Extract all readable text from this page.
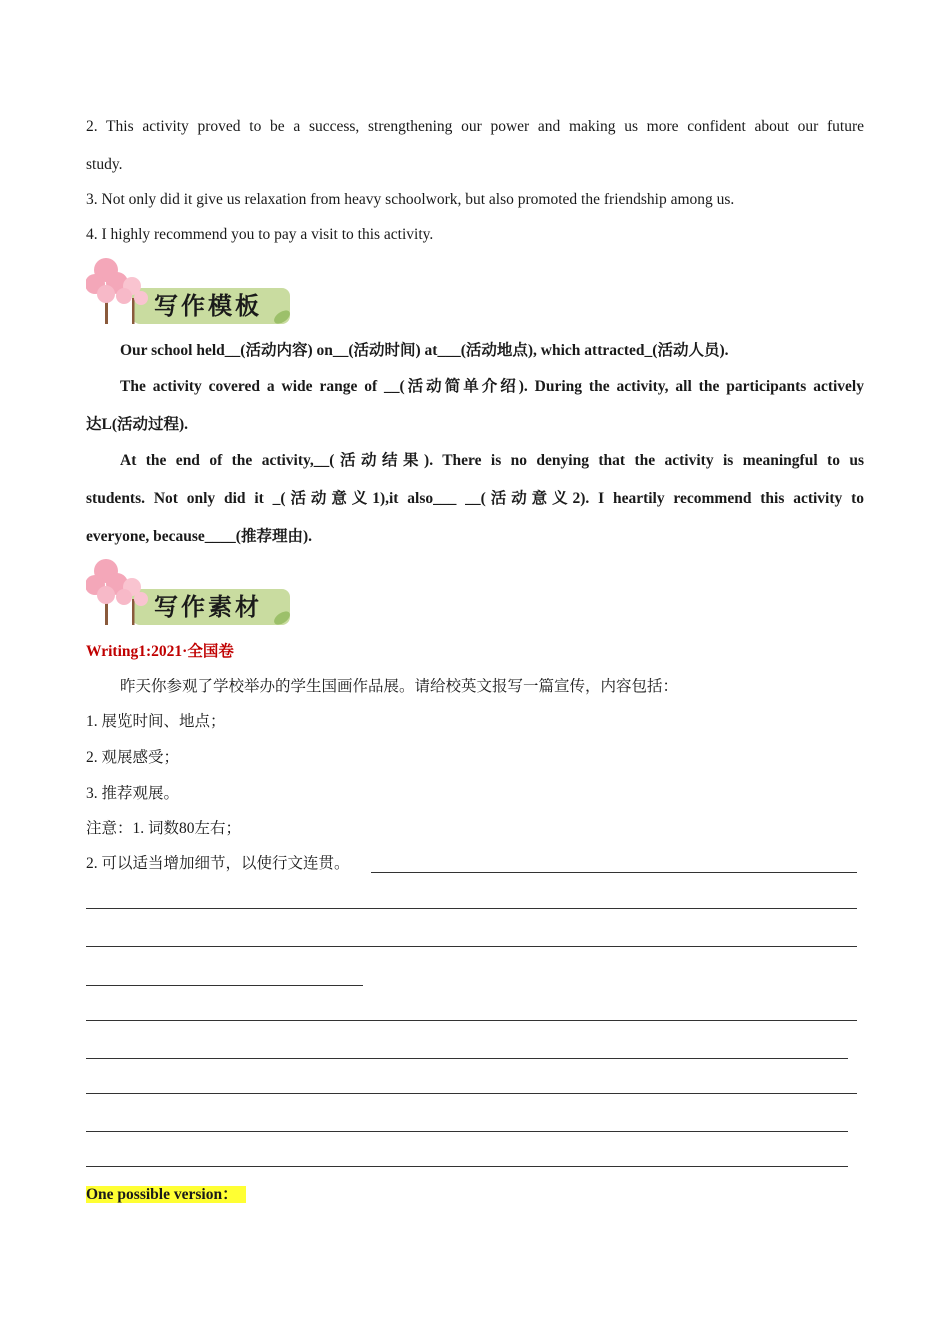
2. This activity proved to be a success, strengthening our power and making us more confident about our future
study.
3. Not only did it give us relaxation from heavy schoolwork, but also promoted the friendship among us.
4. I highly recommend you to pay a visit to this activity.
写作模板
Our school held__(活动内容) on__(活动时间) at___(活动地点), which attracted_(活动人员).
The activity covered a wide range of __(活动简单介绍). During the activity, all the participants actively
达L(活动过程).
At the end of the activity,__(活动结果). There is no denying that the activity is meaningful to us
students. Not only did it _(活动意义1),it also___ __(活动意义2). I heartily recommend this activity to
everyone, because____(推荐理由).
写作素材
Writing1:2021·全国卷
昨天你参观了学校举办的学生国画作品展。请给校英文报写一篇宣传，内容包括：
1. 展览时间、地点；
2. 观展感受；
3. 推荐观展。
注意：1. 词数80左右；
2. 可以适当增加细节，以使行文连贯。
One possible version：
